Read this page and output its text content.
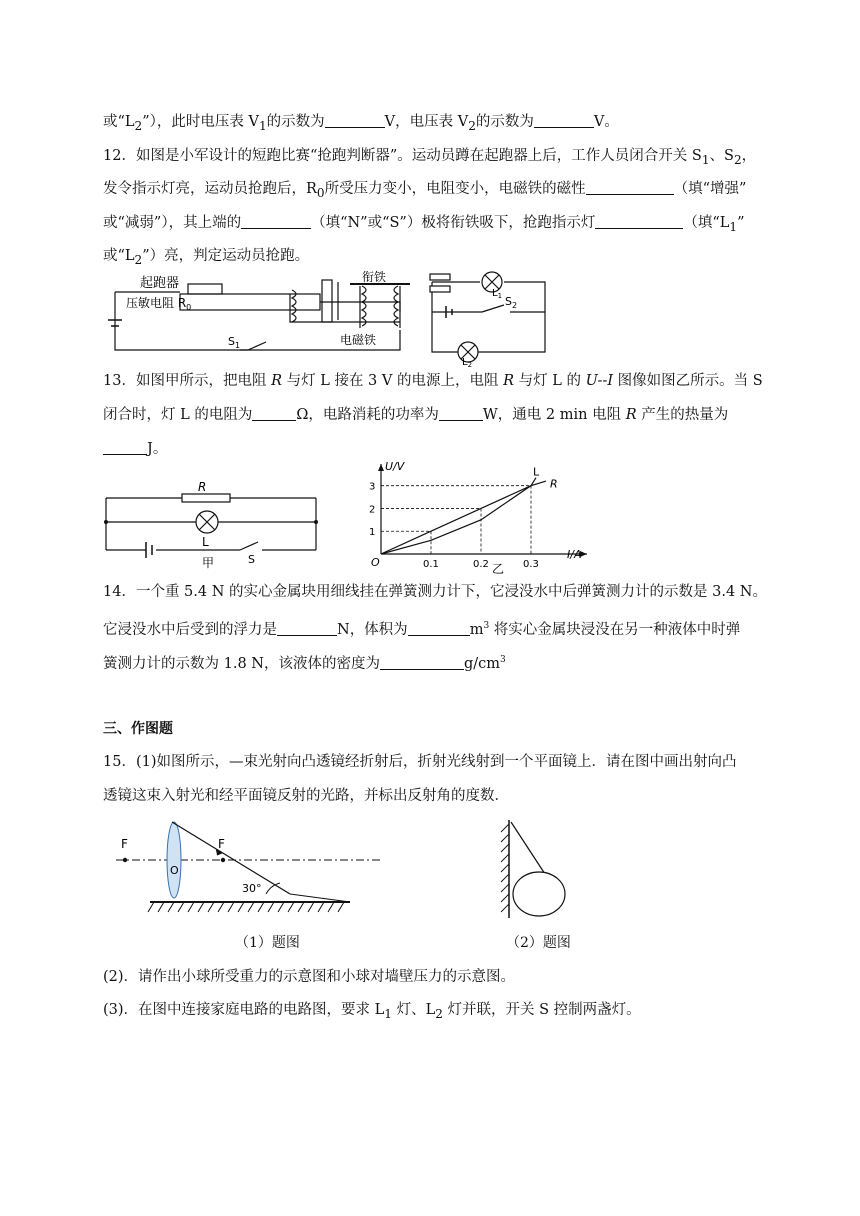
或“$L_2$”），此时电压表 $V_1$的示数为	V，电压表 $V_2$的示数为	V。
12．如图是小军设计的短跑比赛“抢跑判断器”。运动员蹲在起跑器上后，工作人员闭合开关 $S_1$、$S_2$，
发令指示灯亮，运动员抢跑后，$R_0$所受压力变小，电阻变小，电磁铁的磁性	（填“增强”
或“减弱”），其上端的	（填“N”或“S”）极将衔铁吸下，抢跑指示灯	（填“$L_1$”
或“$L_2$”）亮，判定运动员抢跑。
起跑器
压敏电阻 $R_0$
衔铁
电磁铁
$S_1$
$S_2$
$L_1$
$L_2$
13．如图甲所示，把电阻 R 与灯 L 接在 3 V 的电源上，电阻 R 与灯 L 的 U--I 图像如图乙所示。当 S
闭合时，灯 L 的电阻为	Ω，电路消耗的功率为	W，通电 2 min 电阻 R 产生的热量为
J。
R
L
S
甲
U/V
I/A
O	0.1	0.2	0.3
1
2
3	R
L
乙
14．一个重 5.4 N 的实心金属块用细线挂在弹簧测力计下，它浸没水中后弹簧测力计的示数是 3.4 N。
它浸没水中后受到的浮力是	N，体积为	$m^3$ 将实心金属块浸没在另一种液体中时弹
簧测力计的示数为 1.8 N，该液体的密度为	$g/cm^3$
三、作图题
15．(1)如图所示，—束光射向凸透镜经折射后，折射光线射到一个平面镜上．请在图中画出射向凸
透镜这束入射光和经平面镜反射的光路，并标出反射角的度数．
F	F
O
30°
（1）题图	（2）题图
(2)．请作出小球所受重力的示意图和小球对墙壁压力的示意图。
(3)．在图中连接家庭电路的电路图，要求 $L_1$ 灯、$L_2$ 灯并联，开关 S 控制两盏灯。
